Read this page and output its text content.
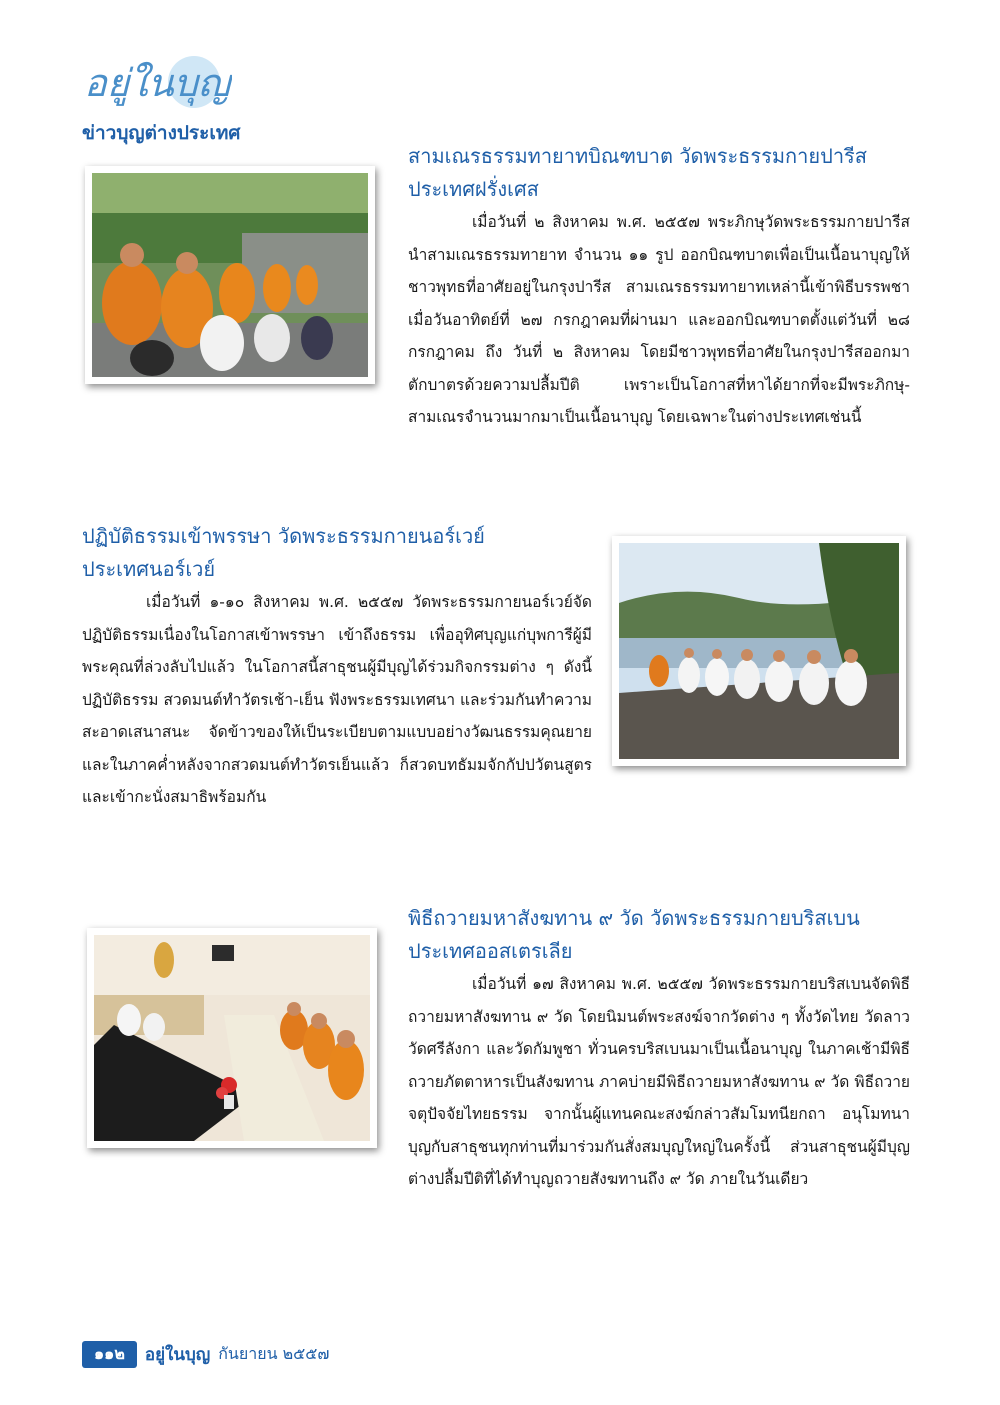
อยู่ในบุญ
ข่าวบุญต่างประเทศ
สามเณรธรรมทายาทบิณฑบาต วัดพระธรรมกายปารีส
ประเทศฝรั่งเศส

เมื่อวันที่ ๒ สิงหาคม พ.ศ. ๒๕๕๗ พระภิกษุวัดพระธรรมกายปารีสนำสามเณรธรรมทายาท จำนวน ๑๑ รูป ออกบิณฑบาตเพื่อเป็นเนื้อนาบุญให้ชาวพุทธที่อาศัยอยู่ในกรุงปารีส สามเณรธรรมทายาทเหล่านี้เข้าพิธีบรรพชาเมื่อวันอาทิตย์ที่ ๒๗ กรกฎาคมที่ผ่านมา และออกบิณฑบาตตั้งแต่วันที่ ๒๘ กรกฎาคม ถึง วันที่ ๒ สิงหาคม โดยมีชาวพุทธที่อาศัยในกรุงปารีสออกมาตักบาตรด้วยความปลื้มปีติ เพราะเป็นโอกาสที่หาได้ยากที่จะมีพระภิกษุ-สามเณรจำนวนมากมาเป็นเนื้อนาบุญ โดยเฉพาะในต่างประเทศเช่นนี้

ปฏิบัติธรรมเข้าพรรษา วัดพระธรรมกายนอร์เวย์
ประเทศนอร์เวย์

เมื่อวันที่ ๑-๑๐ สิงหาคม พ.ศ. ๒๕๕๗ วัดพระธรรมกายนอร์เวย์จัดปฏิบัติธรรมเนื่องในโอกาสเข้าพรรษา เข้าถึงธรรม เพื่ออุทิศบุญแก่บุพการีผู้มีพระคุณที่ล่วงลับไปแล้ว ในโอกาสนี้สาธุชนผู้มีบุญได้ร่วมกิจกรรมต่าง ๆ ดังนี้ ปฏิบัติธรรม สวดมนต์ทำวัตรเช้า-เย็น ฟังพระธรรมเทศนา และร่วมกันทำความสะอาดเสนาสนะ จัดข้าวของให้เป็นระเบียบตามแบบอย่างวัฒนธรรมคุณยาย และในภาคค่ำหลังจากสวดมนต์ทำวัตรเย็นแล้ว ก็สวดบทธัมมจักกัปปวัตนสูตรและเข้ากะนั่งสมาธิพร้อมกัน

พิธีถวายมหาสังฆทาน ๙ วัด วัดพระธรรมกายบริสเบน
ประเทศออสเตรเลีย

เมื่อวันที่ ๑๗ สิงหาคม พ.ศ. ๒๕๕๗ วัดพระธรรมกายบริสเบนจัดพิธีถวายมหาสังฆทาน ๙ วัด โดยนิมนต์พระสงฆ์จากวัดต่าง ๆ ทั้งวัดไทย วัดลาว วัดศรีลังกา และวัดกัมพูชา ทั่วนครบริสเบนมาเป็นเนื้อนาบุญ ในภาคเช้ามีพิธีถวายภัตตาหารเป็นสังฆทาน ภาคบ่ายมีพิธีถวายมหาสังฆทาน ๙ วัด พิธีถวายจตุปัจจัยไทยธรรม จากนั้นผู้แทนคณะสงฆ์กล่าวสัมโมทนียกถา อนุโมทนาบุญกับสาธุชนทุกท่านที่มาร่วมกันสั่งสมบุญใหญ่ในครั้งนี้ ส่วนสาธุชนผู้มีบุญต่างปลื้มปีติที่ได้ทำบุญถวายสังฆทานถึง ๙ วัด ภายในวันเดียว

๑๑๒	อยู่ในบุญ กันยายน ๒๕๕๗
